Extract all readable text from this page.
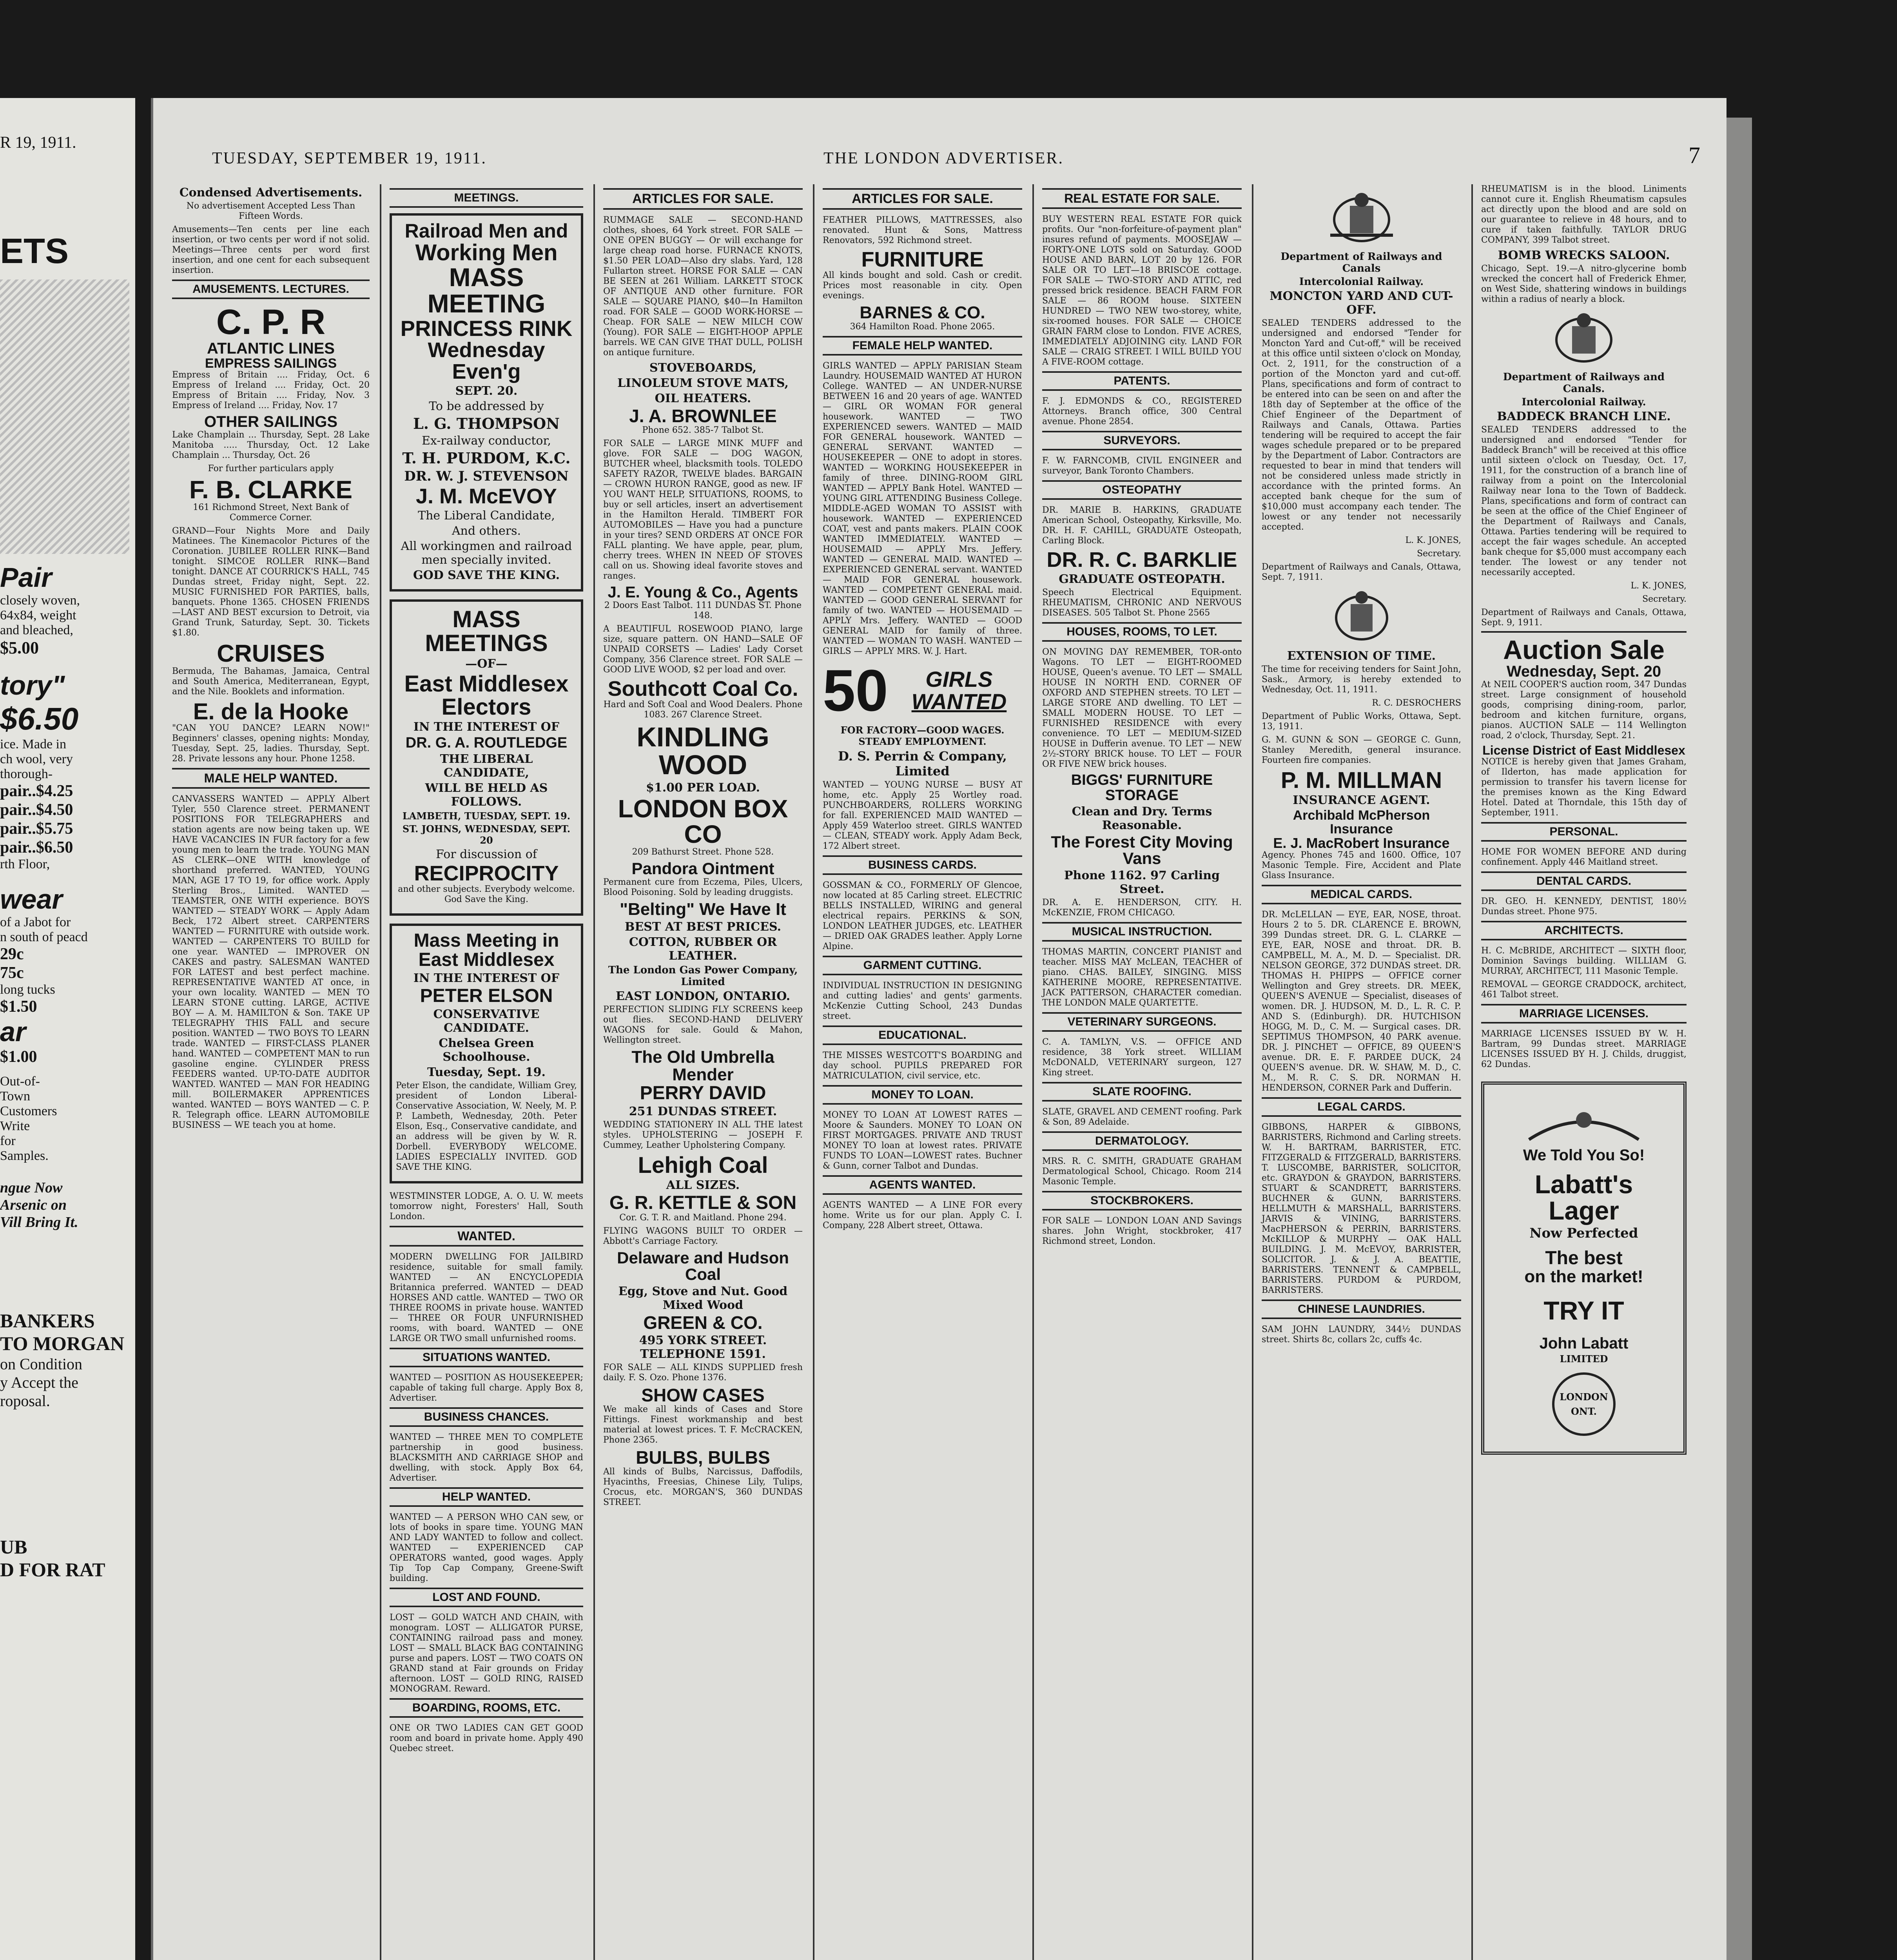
R 19, 1911.
ETS
Pair
closely woven,
64x84, weight
and bleached,
$5.00
tory"
$6.50
ice. Made in
ch wool, very
thorough-
pair..$4.25
pair..$4.50
pair..$5.75
pair..$6.50
rth Floor,
wear
of a Jabot for
n south of peacd
29c
75c
long tucks
$1.50
ar
$1.00
Out-of-
Town
Customers
Write
for
Samples.
ngue Now
Arsenic on
Vill Bring It.
BANKERS
TO MORGAN
on Condition
y Accept the
roposal.
UB
D FOR RAT
TUESDAY, SEPTEMBER 19, 1911.	THE LONDON ADVERTISER.	7
Condensed Advertisements.
No advertisement Accepted Less Than Fifteen Words.
Amusements—Ten cents per line each insertion, or two cents per word if not solid. Meetings—Three cents per word first insertion, and one cent for each subsequent insertion.
AMUSEMENTS. LECTURES.
C. P. R
ATLANTIC LINES
EMPRESS SAILINGS
Empress of Britain .... Friday, Oct. 6 Empress of Ireland .... Friday, Oct. 20 Empress of Britain .... Friday, Nov. 3 Empress of Ireland .... Friday, Nov. 17
OTHER SAILINGS
Lake Champlain ... Thursday, Sept. 28 Lake Manitoba ..... Thursday, Oct. 12 Lake Champlain ... Thursday, Oct. 26
For further particulars apply
F. B. CLARKE
161 Richmond Street, Next Bank of Commerce Corner.
GRAND—Four Nights More and Daily Matinees. The Kinemacolor Pictures of the Coronation. JUBILEE ROLLER RINK—Band tonight. SIMCOE ROLLER RINK—Band tonight. DANCE AT COURRICK'S HALL, 745 Dundas street, Friday night, Sept. 22. MUSIC FURNISHED FOR PARTIES, balls, banquets. Phone 1365. CHOSEN FRIENDS—LAST AND BEST excursion to Detroit, via Grand Trunk, Saturday, Sept. 30. Tickets $1.80.
CRUISES
Bermuda, The Bahamas, Jamaica, Central and South America, Mediterranean, Egypt, and the Nile. Booklets and information.
E. de la Hooke
"CAN YOU DANCE? LEARN NOW!" Beginners' classes, opening nights: Monday, Tuesday, Sept. 25, ladies. Thursday, Sept. 28. Private lessons any hour. Phone 1258.
MALE HELP WANTED.
CANVASSERS WANTED — APPLY Albert Tyler, 550 Clarence street. PERMANENT POSITIONS FOR TELEGRAPHERS and station agents are now being taken up. WE HAVE VACANCIES IN FUR factory for a few young men to learn the trade. YOUNG MAN AS CLERK—ONE WITH knowledge of shorthand preferred. WANTED, YOUNG MAN, AGE 17 TO 19, for office work. Apply Sterling Bros., Limited. WANTED — TEAMSTER, ONE WITH experience. BOYS WANTED — STEADY WORK — Apply Adam Beck, 172 Albert street. CARPENTERS WANTED — FURNITURE with outside work. WANTED — CARPENTERS TO BUILD for one year. WANTED — IMPROVER ON CAKES and pastry. SALESMAN WANTED FOR LATEST and best perfect machine. REPRESENTATIVE WANTED AT once, in your own locality. WANTED — MEN TO LEARN STONE cutting. LARGE, ACTIVE BOY — A. M. HAMILTON & Son. TAKE UP TELEGRAPHY THIS FALL and secure position. WANTED — TWO BOYS TO LEARN trade. WANTED — FIRST-CLASS PLANER hand. WANTED — COMPETENT MAN to run gasoline engine. CYLINDER PRESS FEEDERS wanted. UP-TO-DATE AUDITOR WANTED. WANTED — MAN FOR HEADING mill. BOILERMAKER APPRENTICES wanted. WANTED — BOYS WANTED — C. P. R. Telegraph office. LEARN AUTOMOBILE BUSINESS — WE teach you at home.
MEETINGS.
Railroad Men and
Working Men
MASS MEETING
PRINCESS RINK
Wednesday Even'g
SEPT. 20.
To be addressed by
L. G. THOMPSON
Ex-railway conductor,
T. H. PURDOM, K.C.
DR. W. J. STEVENSON
J. M. McEVOY
The Liberal Candidate,
And others.
All workingmen and railroad men specially invited.
GOD SAVE THE KING.
MASS MEETINGS
—OF—
East Middlesex
Electors
IN THE INTEREST OF
DR. G. A. ROUTLEDGE
THE LIBERAL CANDIDATE,
WILL BE HELD AS FOLLOWS.
LAMBETH, TUESDAY, SEPT. 19.
ST. JOHNS, WEDNESDAY, SEPT. 20
For discussion of
RECIPROCITY
and other subjects. Everybody welcome. God Save the King.
Mass Meeting in
East Middlesex
IN THE INTEREST OF
PETER ELSON
CONSERVATIVE CANDIDATE.
Chelsea Green Schoolhouse.
Tuesday, Sept. 19.
Peter Elson, the candidate, William Grey, president of London Liberal-Conservative Association, W. Neely, M. P. P. Lambeth, Wednesday, 20th. Peter Elson, Esq., Conservative candidate, and an address will be given by W. R. Dorbell. EVERYBODY WELCOME. LADIES ESPECIALLY INVITED. GOD SAVE THE KING.
WESTMINSTER LODGE, A. O. U. W. meets tomorrow night, Foresters' Hall, South London.
WANTED.
MODERN DWELLING FOR JAILBIRD residence, suitable for small family. WANTED — AN ENCYCLOPEDIA Britannica preferred. WANTED — DEAD HORSES AND cattle. WANTED — TWO OR THREE ROOMS in private house. WANTED — THREE OR FOUR UNFURNISHED rooms, with board. WANTED — ONE LARGE OR TWO small unfurnished rooms.
SITUATIONS WANTED.
WANTED — POSITION AS HOUSEKEEPER; capable of taking full charge. Apply Box 8, Advertiser.
BUSINESS CHANCES.
WANTED — THREE MEN TO COMPLETE partnership in good business. BLACKSMITH AND CARRIAGE SHOP and dwelling, with stock. Apply Box 64, Advertiser.
HELP WANTED.
WANTED — A PERSON WHO CAN sew, or lots of books in spare time. YOUNG MAN AND LADY WANTED to follow and collect. WANTED — EXPERIENCED CAP OPERATORS wanted, good wages. Apply Tip Top Cap Company, Greene-Swift building.
LOST AND FOUND.
LOST — GOLD WATCH AND CHAIN, with monogram. LOST — ALLIGATOR PURSE, CONTAINING railroad pass and money. LOST — SMALL BLACK BAG CONTAINING purse and papers. LOST — TWO COATS ON GRAND stand at Fair grounds on Friday afternoon. LOST — GOLD RING, RAISED MONOGRAM. Reward.
BOARDING, ROOMS, ETC.
ONE OR TWO LADIES CAN GET GOOD room and board in private home. Apply 490 Quebec street.
ARTICLES FOR SALE.
RUMMAGE SALE — SECOND-HAND clothes, shoes, 64 York street. FOR SALE — ONE OPEN BUGGY — Or will exchange for large cheap road horse. FURNACE KNOTS, $1.50 PER LOAD—Also dry slabs. Yard, 128 Fullarton street. HORSE FOR SALE — CAN BE SEEN at 261 William. LARKETT STOCK OF ANTIQUE AND other furniture. FOR SALE — SQUARE PIANO, $40—In Hamilton road. FOR SALE — GOOD WORK-HORSE — Cheap. FOR SALE — NEW MILCH COW (Young). FOR SALE — EIGHT-HOOP APPLE barrels. WE CAN GIVE THAT DULL, POLISH on antique furniture.
STOVEBOARDS,
LINOLEUM STOVE MATS,
OIL HEATERS.
J. A. BROWNLEE
Phone 652. 385-7 Talbot St.
FOR SALE — LARGE MINK MUFF and glove. FOR SALE — DOG WAGON, BUTCHER wheel, blacksmith tools. TOLEDO SAFETY RAZOR, TWELVE blades. BARGAIN — CROWN HURON RANGE, good as new. IF YOU WANT HELP, SITUATIONS, ROOMS, to buy or sell articles, insert an advertisement in the Hamilton Herald. TIMBERT FOR AUTOMOBILES — Have you had a puncture in your tires? SEND ORDERS AT ONCE FOR FALL planting. We have apple, pear, plum, cherry trees. WHEN IN NEED OF STOVES call on us. Showing ideal favorite stoves and ranges.
J. E. Young & Co., Agents
2 Doors East Talbot. 111 DUNDAS ST. Phone 148.
A BEAUTIFUL ROSEWOOD PIANO, large size, square pattern. ON HAND—SALE OF UNPAID CORSETS — Ladies' Lady Corset Company, 356 Clarence street. FOR SALE — GOOD LIVE WOOD, $2 per load and over.
Southcott Coal Co.
Hard and Soft Coal and Wood Dealers. Phone 1083. 267 Clarence Street.
KINDLING WOOD
$1.00 PER LOAD.
LONDON BOX CO
209 Bathurst Street. Phone 528.
Pandora Ointment
Permanent cure from Eczema, Piles, Ulcers, Blood Poisoning. Sold by leading druggists.
"Belting" We Have It
BEST AT BEST PRICES.
COTTON, RUBBER OR LEATHER.
The London Gas Power Company, Limited
EAST LONDON, ONTARIO.
PERFECTION SLIDING FLY SCREENS keep out flies. SECOND-HAND DELIVERY WAGONS for sale. Gould & Mahon, Wellington street.
The Old Umbrella Mender
PERRY DAVID
251 DUNDAS STREET.
WEDDING STATIONERY IN ALL THE latest styles. UPHOLSTERING — JOSEPH F. Cummey, Leather Upholstering Company.
Lehigh Coal
ALL SIZES.
G. R. KETTLE & SON
Cor. G. T. R. and Maitland. Phone 294.
FLYING WAGONS BUILT TO ORDER — Abbott's Carriage Factory.
Delaware and Hudson Coal
Egg, Stove and Nut. Good Mixed Wood
GREEN & CO.
495 YORK STREET. TELEPHONE 1591.
FOR SALE — ALL KINDS SUPPLIED fresh daily. F. S. Ozo. Phone 1376.
SHOW CASES
We make all kinds of Cases and Store Fittings. Finest workmanship and best material at lowest prices. T. F. McCRACKEN, Phone 2365.
BULBS, BULBS
All kinds of Bulbs, Narcissus, Daffodils, Hyacinths, Freesias, Chinese Lily, Tulips, Crocus, etc. MORGAN'S, 360 DUNDAS STREET.
ARTICLES FOR SALE.
FEATHER PILLOWS, MATTRESSES, also renovated. Hunt & Sons, Mattress Renovators, 592 Richmond street.
FURNITURE
All kinds bought and sold. Cash or credit. Prices most reasonable in city. Open evenings.
BARNES & CO.
364 Hamilton Road. Phone 2065.
FEMALE HELP WANTED.
GIRLS WANTED — APPLY PARISIAN Steam Laundry. HOUSEMAID WANTED AT HURON College. WANTED — AN UNDER-NURSE BETWEEN 16 and 20 years of age. WANTED — GIRL OR WOMAN FOR general housework. WANTED — TWO EXPERIENCED sewers. WANTED — MAID FOR GENERAL housework. WANTED — GENERAL SERVANT. WANTED — HOUSEKEEPER — ONE to adopt in stores. WANTED — WORKING HOUSEKEEPER in family of three. DINING-ROOM GIRL WANTED — APPLY Bank Hotel. WANTED — YOUNG GIRL ATTENDING Business College. MIDDLE-AGED WOMAN TO ASSIST with housework. WANTED — EXPERIENCED COAT, vest and pants makers. PLAIN COOK WANTED IMMEDIATELY. WANTED — HOUSEMAID — APPLY Mrs. Jeffery. WANTED — GENERAL MAID. WANTED — EXPERIENCED GENERAL servant. WANTED — MAID FOR GENERAL housework. WANTED — COMPETENT GENERAL maid. WANTED — GOOD GENERAL SERVANT for family of two. WANTED — HOUSEMAID — APPLY Mrs. Jeffery. WANTED — GOOD GENERAL MAID for family of three. WANTED — WOMAN TO WASH. WANTED — GIRLS — APPLY MRS. W. J. Hart.
50	GIRLS
WANTED
FOR FACTORY—GOOD WAGES. STEADY EMPLOYMENT.
D. S. Perrin & Company, Limited
WANTED — YOUNG NURSE — BUSY AT home, etc. Apply 25 Wortley road. PUNCHBOARDERS, ROLLERS WORKING for fall. EXPERIENCED MAID WANTED — Apply 459 Waterloo street. GIRLS WANTED — CLEAN, STEADY work. Apply Adam Beck, 172 Albert street.
BUSINESS CARDS.
GOSSMAN & CO., FORMERLY OF Glencoe, now located at 85 Carling street. ELECTRIC BELLS INSTALLED, WIRING and general electrical repairs. PERKINS & SON, LONDON LEATHER JUDGES, etc. LEATHER — DRIED OAK GRADES leather. Apply Lorne Alpine.
GARMENT CUTTING.
INDIVIDUAL INSTRUCTION IN DESIGNING and cutting ladies' and gents' garments. McKenzie Cutting School, 243 Dundas street.
EDUCATIONAL.
THE MISSES WESTCOTT'S BOARDING and day school. PUPILS PREPARED FOR MATRICULATION, civil service, etc.
MONEY TO LOAN.
MONEY TO LOAN AT LOWEST RATES — Moore & Saunders. MONEY TO LOAN ON FIRST MORTGAGES. PRIVATE AND TRUST MONEY TO loan at lowest rates. PRIVATE FUNDS TO LOAN—LOWEST rates. Buchner & Gunn, corner Talbot and Dundas.
AGENTS WANTED.
AGENTS WANTED — A LINE FOR every home. Write us for our plan. Apply C. I. Company, 228 Albert street, Ottawa.
REAL ESTATE FOR SALE.
BUY WESTERN REAL ESTATE FOR quick profits. Our "non-forfeiture-of-payment plan" insures refund of payments. MOOSEJAW — FORTY-ONE LOTS sold on Saturday. GOOD HOUSE AND BARN, LOT 20 by 126. FOR SALE OR TO LET—18 BRISCOE cottage. FOR SALE — TWO-STORY AND ATTIC, red pressed brick residence. BEACH FARM FOR SALE — 86 ROOM house. SIXTEEN HUNDRED — TWO NEW two-storey, white, six-roomed houses. FOR SALE — CHOICE GRAIN FARM close to London. FIVE ACRES, IMMEDIATELY ADJOINING city. LAND FOR SALE — CRAIG STREET. I WILL BUILD YOU A FIVE-ROOM cottage.
PATENTS.
F. J. EDMONDS & CO., REGISTERED Attorneys. Branch office, 300 Central avenue. Phone 2854.
SURVEYORS.
F. W. FARNCOMB, CIVIL ENGINEER and surveyor, Bank Toronto Chambers.
OSTEOPATHY
DR. MARIE B. HARKINS, GRADUATE American School, Osteopathy, Kirksville, Mo. DR. H. F. CAHILL, GRADUATE Osteopath, Carling Block.
DR. R. C. BARKLIE
GRADUATE OSTEOPATH.
Speech Electrical Equipment. RHEUMATISM, CHRONIC AND NERVOUS DISEASES. 505 Talbot St. Phone 2565
HOUSES, ROOMS, TO LET.
ON MOVING DAY REMEMBER, TOR-onto Wagons. TO LET — EIGHT-ROOMED HOUSE, Queen's avenue. TO LET — SMALL HOUSE IN NORTH END. CORNER OF OXFORD AND STEPHEN streets. TO LET — LARGE STORE AND dwelling. TO LET — SMALL MODERN HOUSE. TO LET — FURNISHED RESIDENCE with every convenience. TO LET — MEDIUM-SIZED HOUSE in Dufferin avenue. TO LET — NEW 2½-STORY BRICK house. TO LET — FOUR OR FIVE NEW brick houses.
BIGGS' FURNITURE STORAGE
Clean and Dry. Terms Reasonable.
The Forest City Moving Vans
Phone 1162. 97 Carling Street.
DR. A. E. HENDERSON, CITY. H. McKENZIE, FROM CHICAGO.
MUSICAL INSTRUCTION.
THOMAS MARTIN, CONCERT PIANIST and teacher. MISS MAY McLEAN, TEACHER of piano. CHAS. BAILEY, SINGING. MISS KATHERINE MOORE, REPRESENTATIVE. JACK PATTERSON, CHARACTER comedian. THE LONDON MALE QUARTETTE.
VETERINARY SURGEONS.
C. A. TAMLYN, V.S. — OFFICE AND residence, 38 York street. WILLIAM McDONALD, VETERINARY surgeon, 127 King street.
SLATE ROOFING.
SLATE, GRAVEL AND CEMENT roofing. Park & Son, 89 Adelaide.
DERMATOLOGY.
MRS. R. C. SMITH, GRADUATE GRAHAM Dermatological School, Chicago. Room 214 Masonic Temple.
STOCKBROKERS.
FOR SALE — LONDON LOAN AND Savings shares. John Wright, stockbroker, 417 Richmond street, London.
Department of Railways and Canals
Intercolonial Railway.
MONCTON YARD AND CUT-OFF.
SEALED TENDERS addressed to the undersigned and endorsed "Tender for Moncton Yard and Cut-off," will be received at this office until sixteen o'clock on Monday, Oct. 2, 1911, for the construction of a portion of the Moncton yard and cut-off. Plans, specifications and form of contract to be entered into can be seen on and after the 18th day of September at the office of the Chief Engineer of the Department of Railways and Canals, Ottawa. Parties tendering will be required to accept the fair wages schedule prepared or to be prepared by the Department of Labor. Contractors are requested to bear in mind that tenders will not be considered unless made strictly in accordance with the printed forms. An accepted bank cheque for the sum of $10,000 must accompany each tender. The lowest or any tender not necessarily accepted.
L. K. JONES,
Secretary.
Department of Railways and Canals, Ottawa, Sept. 7, 1911.
EXTENSION OF TIME.
The time for receiving tenders for Saint John, Sask., Armory, is hereby extended to Wednesday, Oct. 11, 1911.
R. C. DESROCHERS
Department of Public Works, Ottawa, Sept. 13, 1911.
G. M. GUNN & SON — GEORGE C. Gunn, Stanley Meredith, general insurance. Fourteen fire companies.
P. M. MILLMAN
INSURANCE AGENT.
Archibald McPherson Insurance
E. J. MacRobert Insurance
Agency. Phones 745 and 1600. Office, 107 Masonic Temple. Fire, Accident and Plate Glass Insurance.
MEDICAL CARDS.
DR. McLELLAN — EYE, EAR, NOSE, throat. Hours 2 to 5. DR. CLARENCE E. BROWN, 399 Dundas street. DR. G. L. CLARKE — EYE, EAR, NOSE and throat. DR. B. CAMPBELL, M. A., M. D. — Specialist. DR. NELSON GEORGE, 372 DUNDAS street. DR. THOMAS H. PHIPPS — OFFICE corner Wellington and Grey streets. DR. MEEK, QUEEN'S AVENUE — Specialist, diseases of women. DR. J. HUDSON, M. D., L. R. C. P. AND S. (Edinburgh). DR. HUTCHISON HOGG, M. D., C. M. — Surgical cases. DR. SEPTIMUS THOMPSON, 40 PARK avenue. DR. J. PINCHET — OFFICE, 89 QUEEN'S avenue. DR. E. F. PARDEE DUCK, 24 QUEEN'S avenue. DR. W. SHAW, M. D., C. M., M. R. C. S. DR. NORMAN H. HENDERSON, CORNER Park and Dufferin.
LEGAL CARDS.
GIBBONS, HARPER & GIBBONS, BARRISTERS, Richmond and Carling streets. W. H. BARTRAM, BARRISTER, ETC. FITZGERALD & FITZGERALD, BARRISTERS. T. LUSCOMBE, BARRISTER, SOLICITOR, etc. GRAYDON & GRAYDON, BARRISTERS. STUART & SCANDRETT, BARRISTERS. BUCHNER & GUNN, BARRISTERS. HELLMUTH & MARSHALL, BARRISTERS. JARVIS & VINING, BARRISTERS. MacPHERSON & PERRIN, BARRISTERS. McKILLOP & MURPHY — OAK HALL BUILDING. J. M. McEVOY, BARRISTER, SOLICITOR. J. & J. A. BEATTIE, BARRISTERS. TENNENT & CAMPBELL, BARRISTERS. PURDOM & PURDOM, BARRISTERS.
CHINESE LAUNDRIES.
SAM JOHN LAUNDRY, 344½ DUNDAS street. Shirts 8c, collars 2c, cuffs 4c.
RHEUMATISM is in the blood. Liniments cannot cure it. English Rheumatism capsules act directly upon the blood and are sold on our guarantee to relieve in 48 hours, and to cure if taken faithfully. TAYLOR DRUG COMPANY, 399 Talbot street.
BOMB WRECKS SALOON.
Chicago, Sept. 19.—A nitro-glycerine bomb wrecked the concert hall of Frederick Ehmer, on West Side, shattering windows in buildings within a radius of nearly a block.
Department of Railways and Canals.
Intercolonial Railway.
BADDECK BRANCH LINE.
SEALED TENDERS addressed to the undersigned and endorsed "Tender for Baddeck Branch" will be received at this office until sixteen o'clock on Tuesday, Oct. 17, 1911, for the construction of a branch line of railway from a point on the Intercolonial Railway near Iona to the Town of Baddeck. Plans, specifications and form of contract can be seen at the office of the Chief Engineer of the Department of Railways and Canals, Ottawa. Parties tendering will be required to accept the fair wages schedule. An accepted bank cheque for $5,000 must accompany each tender. The lowest or any tender not necessarily accepted.
L. K. JONES,
Secretary.
Department of Railways and Canals, Ottawa, Sept. 9, 1911.
Auction Sale
Wednesday, Sept. 20
At NEIL COOPER'S auction room, 347 Dundas street. Large consignment of household goods, comprising dining-room, parlor, bedroom and kitchen furniture, organs, pianos. AUCTION SALE — 114 Wellington road, 2 o'clock, Thursday, Sept. 21.
License District of East Middlesex
NOTICE is hereby given that James Graham, of Ilderton, has made application for permission to transfer his tavern license for the premises known as the King Edward Hotel. Dated at Thorndale, this 15th day of September, 1911.
PERSONAL.
HOME FOR WOMEN BEFORE AND during confinement. Apply 446 Maitland street.
DENTAL CARDS.
DR. GEO. H. KENNEDY, DENTIST, 180½ Dundas street. Phone 975.
ARCHITECTS.
H. C. McBRIDE, ARCHITECT — SIXTH floor, Dominion Savings building. WILLIAM G. MURRAY, ARCHITECT, 111 Masonic Temple.
REMOVAL — GEORGE CRADDOCK, architect, 461 Talbot street.
MARRIAGE LICENSES.
MARRIAGE LICENSES ISSUED BY W. H. Bartram, 99 Dundas street. MARRIAGE LICENSES ISSUED BY H. J. Childs, druggist, 62 Dundas.
We Told You So!
Labatt's
Lager
Now Perfected
The best
on the market!
TRY IT
John Labatt
LIMITED
LONDON
ONT.
